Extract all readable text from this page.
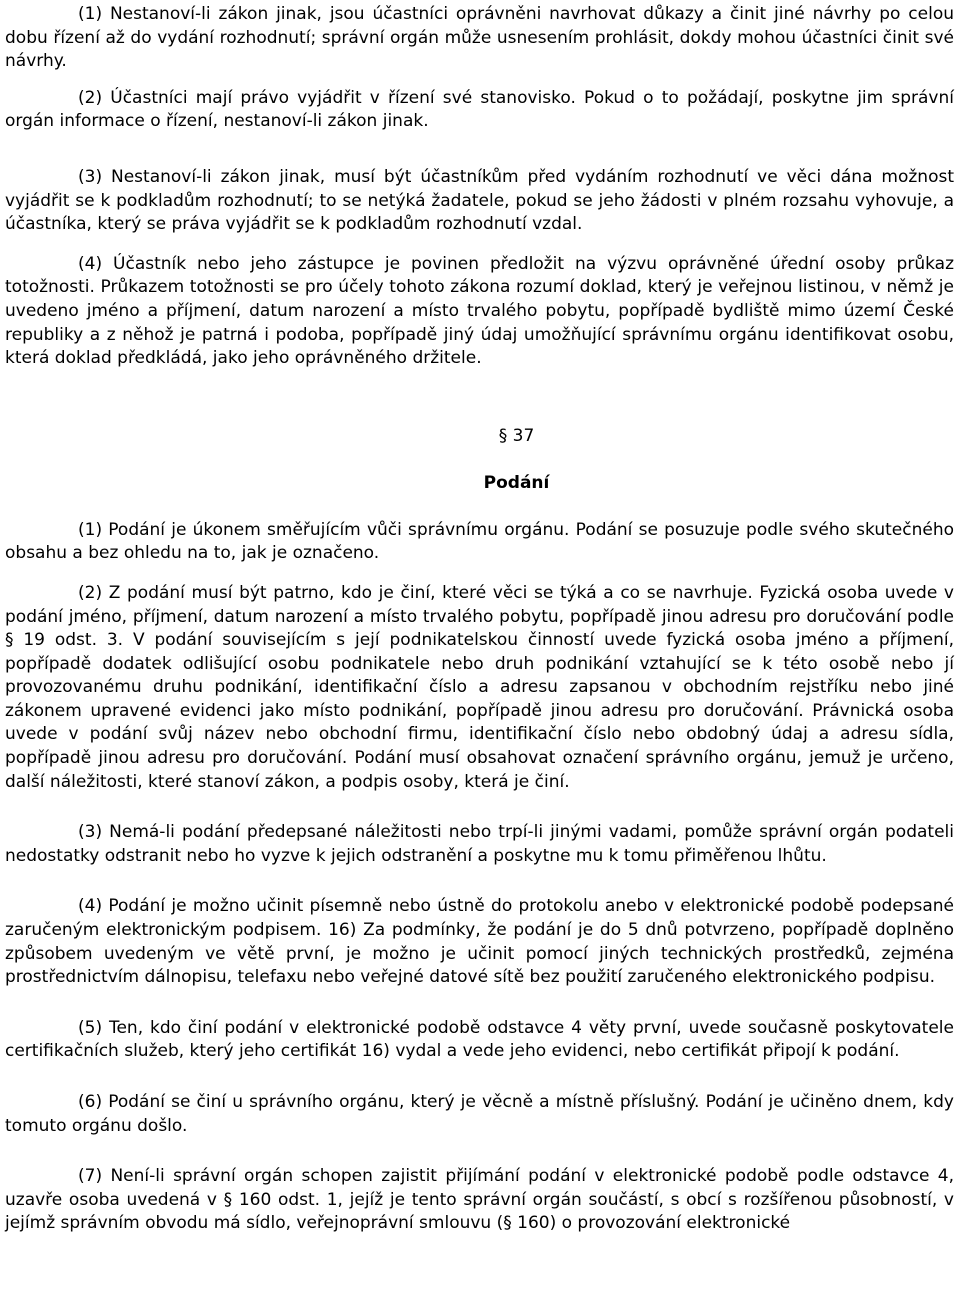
(1) Nestanoví-li zákon jinak, jsou účastníci oprávněni navrhovat důkazy a činit jiné návrhy po celou dobu řízení až do vydání rozhodnutí; správní orgán může usnesením prohlásit, dokdy mohou účastníci činit své návrhy.

(2) Účastníci mají právo vyjádřit v řízení své stanovisko. Pokud o to požádají, poskytne jim správní orgán informace o řízení, nestanoví-li zákon jinak.

(3) Nestanoví-li zákon jinak, musí být účastníkům před vydáním rozhodnutí ve věci dána možnost vyjádřit se k podkladům rozhodnutí; to se netýká žadatele, pokud se jeho žádosti v plném rozsahu vyhovuje, a účastníka, který se práva vyjádřit se k podkladům rozhodnutí vzdal.

(4) Účastník nebo jeho zástupce je povinen předložit na výzvu oprávněné úřední osoby průkaz totožnosti. Průkazem totožnosti se pro účely tohoto zákona rozumí doklad, který je veřejnou listinou, v němž je uvedeno jméno a příjmení, datum narození a místo trvalého pobytu, popřípadě bydliště mimo území České republiky a z něhož je patrná i podoba, popřípadě jiný údaj umožňující správnímu orgánu identifikovat osobu, která doklad předkládá, jako jeho oprávněného držitele.

§ 37
Podání

(1) Podání je úkonem směřujícím vůči správnímu orgánu. Podání se posuzuje podle svého skutečného obsahu a bez ohledu na to, jak je označeno.

(2) Z podání musí být patrno, kdo je činí, které věci se týká a co se navrhuje. Fyzická osoba uvede v podání jméno, příjmení, datum narození a místo trvalého pobytu, popřípadě jinou adresu pro doručování podle § 19 odst. 3. V podání souvisejícím s její podnikatelskou činností uvede fyzická osoba jméno a příjmení, popřípadě dodatek odlišující osobu podnikatele nebo druh podnikání vztahující se k této osobě nebo jí provozovanému druhu podnikání, identifikační číslo a adresu zapsanou v obchodním rejstříku nebo jiné zákonem upravené evidenci jako místo podnikání, popřípadě jinou adresu pro doručování. Právnická osoba uvede v podání svůj název nebo obchodní firmu, identifikační číslo nebo obdobný údaj a adresu sídla, popřípadě jinou adresu pro doručování. Podání musí obsahovat označení správního orgánu, jemuž je určeno, další náležitosti, které stanoví zákon, a podpis osoby, která je činí.

(3) Nemá-li podání předepsané náležitosti nebo trpí-li jinými vadami, pomůže správní orgán podateli nedostatky odstranit nebo ho vyzve k jejich odstranění a poskytne mu k tomu přiměřenou lhůtu.

(4) Podání je možno učinit písemně nebo ústně do protokolu anebo v elektronické podobě podepsané zaručeným elektronickým podpisem. 16) Za podmínky, že podání je do 5 dnů potvrzeno, popřípadě doplněno způsobem uvedeným ve větě první, je možno je učinit pomocí jiných technických prostředků, zejména prostřednictvím dálnopisu, telefaxu nebo veřejné datové sítě bez použití zaručeného elektronického podpisu.

(5) Ten, kdo činí podání v elektronické podobě odstavce 4 věty první, uvede současně poskytovatele certifikačních služeb, který jeho certifikát 16) vydal a vede jeho evidenci, nebo certifikát připojí k podání.

(6) Podání se činí u správního orgánu, který je věcně a místně příslušný. Podání je učiněno dnem, kdy tomuto orgánu došlo.

(7) Není-li správní orgán schopen zajistit přijímání podání v elektronické podobě podle odstavce 4, uzavře osoba uvedená v § 160 odst. 1, jejíž je tento správní orgán součástí, s obcí s rozšířenou působností, v jejímž správním obvodu má sídlo, veřejnoprávní smlouvu (§ 160) o provozování elektronické
